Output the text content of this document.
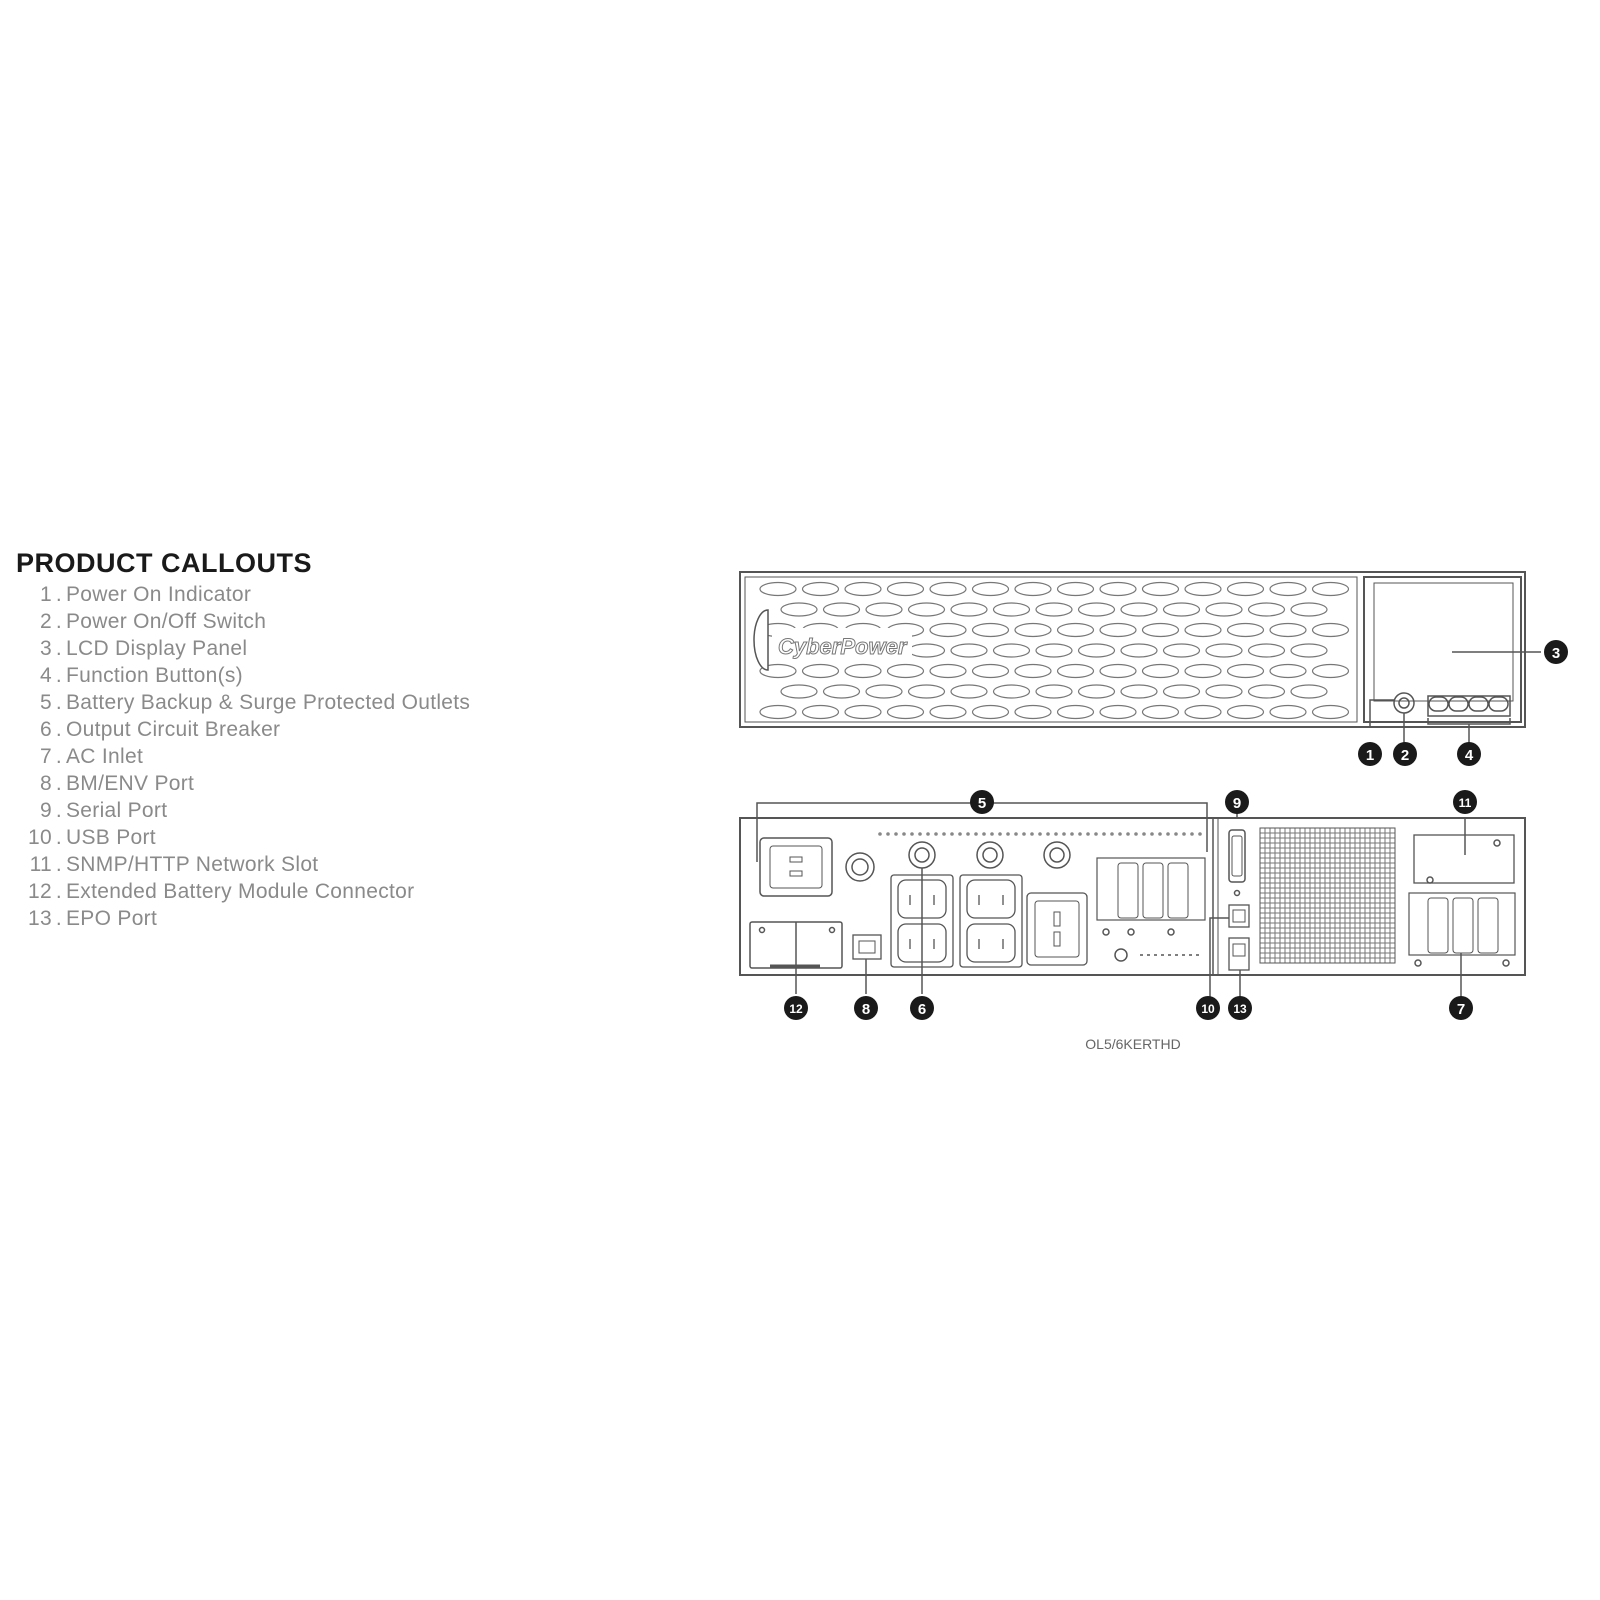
PRODUCT CALLOUTS
1 . Power On Indicator
2 . Power On/Off Switch
3 . LCD Display Panel
4 . Function Button(s)
5 . Battery Backup & Surge Protected Outlets
6 . Output Circuit Breaker
7 . AC Inlet
8 . BM/ENV Port
9 . Serial Port
10 . USB Port
11 . SNMP/HTTP Network Slot
12 . Extended Battery Module Connector
13 . EPO Port
CyberPower
OL5/6KERTHD
1 2
3
4
5
6	7
8
9
10
11
12	13
